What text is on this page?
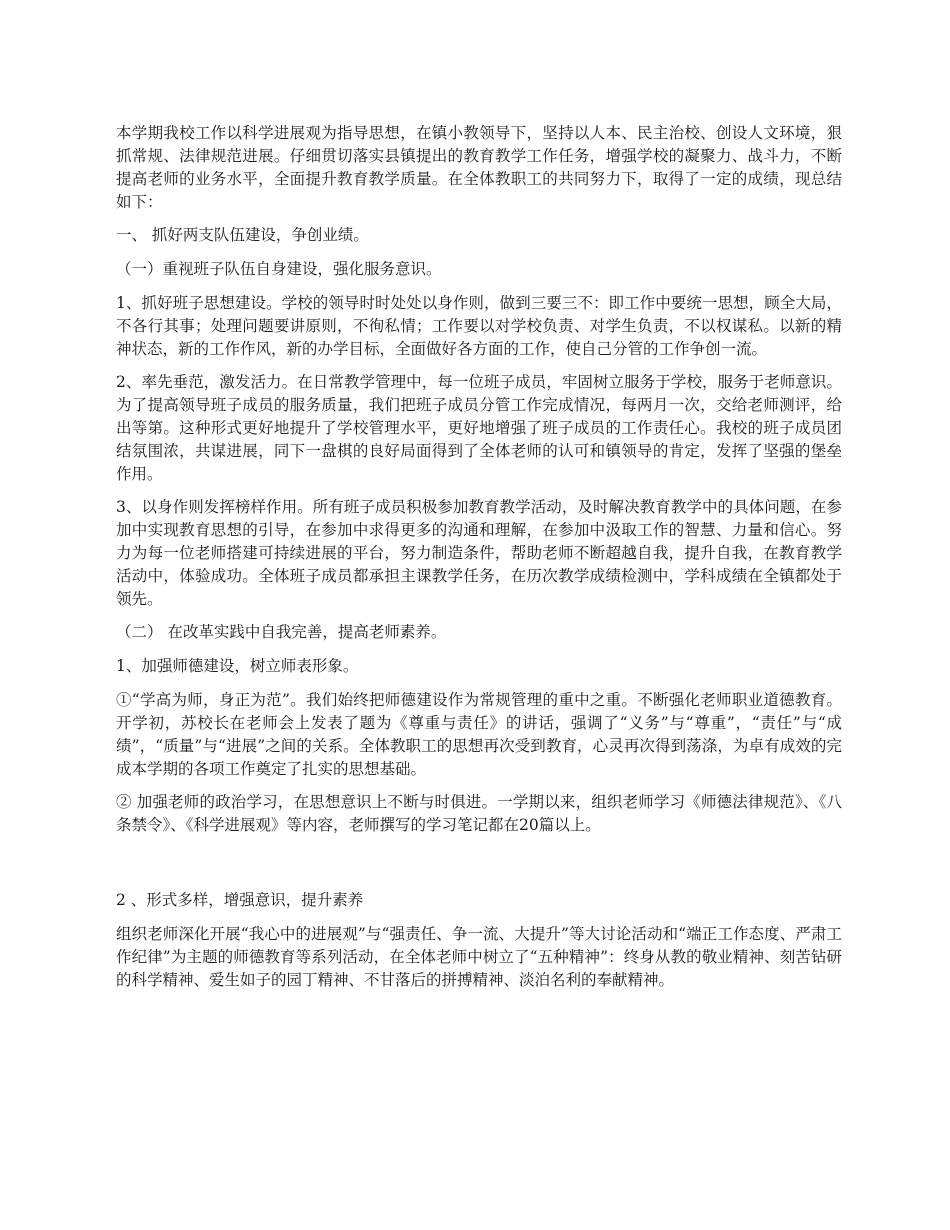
本学期我校工作以科学进展观为指导思想，在镇小教领导下，坚持以人本、民主治校、创设人文环境，狠抓常规、法律规范进展。仔细贯切落实县镇提出的教育教学工作任务，增强学校的凝聚力、战斗力，不断提高老师的业务水平，全面提升教育教学质量。在全体教职工的共同努力下，取得了一定的成绩，现总结如下：

一、 抓好两支队伍建设，争创业绩。

（一）重视班子队伍自身建设，强化服务意识。

1、抓好班子思想建设。学校的领导时时处处以身作则，做到三要三不：即工作中要统一思想，顾全大局，不各行其事；处理问题要讲原则，不徇私情；工作要以对学校负责、对学生负责，不以权谋私。以新的精神状态，新的工作作风，新的办学目标，全面做好各方面的工作，使自己分管的工作争创一流。

2、率先垂范，激发活力。在日常教学管理中，每一位班子成员，牢固树立服务于学校，服务于老师意识。为了提高领导班子成员的服务质量，我们把班子成员分管工作完成情况，每两月一次，交给老师测评，给出等第。这种形式更好地提升了学校管理水平，更好地增强了班子成员的工作责任心。我校的班子成员团结氛围浓，共谋进展，同下一盘棋的良好局面得到了全体老师的认可和镇领导的肯定，发挥了坚强的堡垒作用。

3、以身作则发挥榜样作用。所有班子成员积极参加教育教学活动，及时解决教育教学中的具体问题，在参加中实现教育思想的引导，在参加中求得更多的沟通和理解，在参加中汲取工作的智慧、力量和信心。努力为每一位老师搭建可持续进展的平台，努力制造条件，帮助老师不断超越自我，提升自我，在教育教学活动中，体验成功。全体班子成员都承担主课教学任务，在历次教学成绩检测中，学科成绩在全镇都处于领先。

（二） 在改革实践中自我完善，提高老师素养。

1、加强师德建设，树立师表形象。

①“学高为师，身正为范”。我们始终把师德建设作为常规管理的重中之重。不断强化老师职业道德教育。开学初，苏校长在老师会上发表了题为《尊重与责任》的讲话，强调了“义务”与“尊重”，“责任”与“成绩”，“质量”与“进展”之间的关系。全体教职工的思想再次受到教育，心灵再次得到荡涤，为卓有成效的完成本学期的各项工作奠定了扎实的思想基础。

② 加强老师的政治学习，在思想意识上不断与时俱进。一学期以来，组织老师学习《师德法律规范》、《八条禁令》、《科学进展观》等内容，老师撰写的学习笔记都在20篇以上。

2 、形式多样，增强意识，提升素养

组织老师深化开展“我心中的进展观”与“强责任、争一流、大提升”等大讨论活动和“端正工作态度、严肃工作纪律”为主题的师德教育等系列活动，在全体老师中树立了“五种精神”：终身从教的敬业精神、刻苦钻研的科学精神、爱生如子的园丁精神、不甘落后的拼搏精神、淡泊名利的奉献精神。
